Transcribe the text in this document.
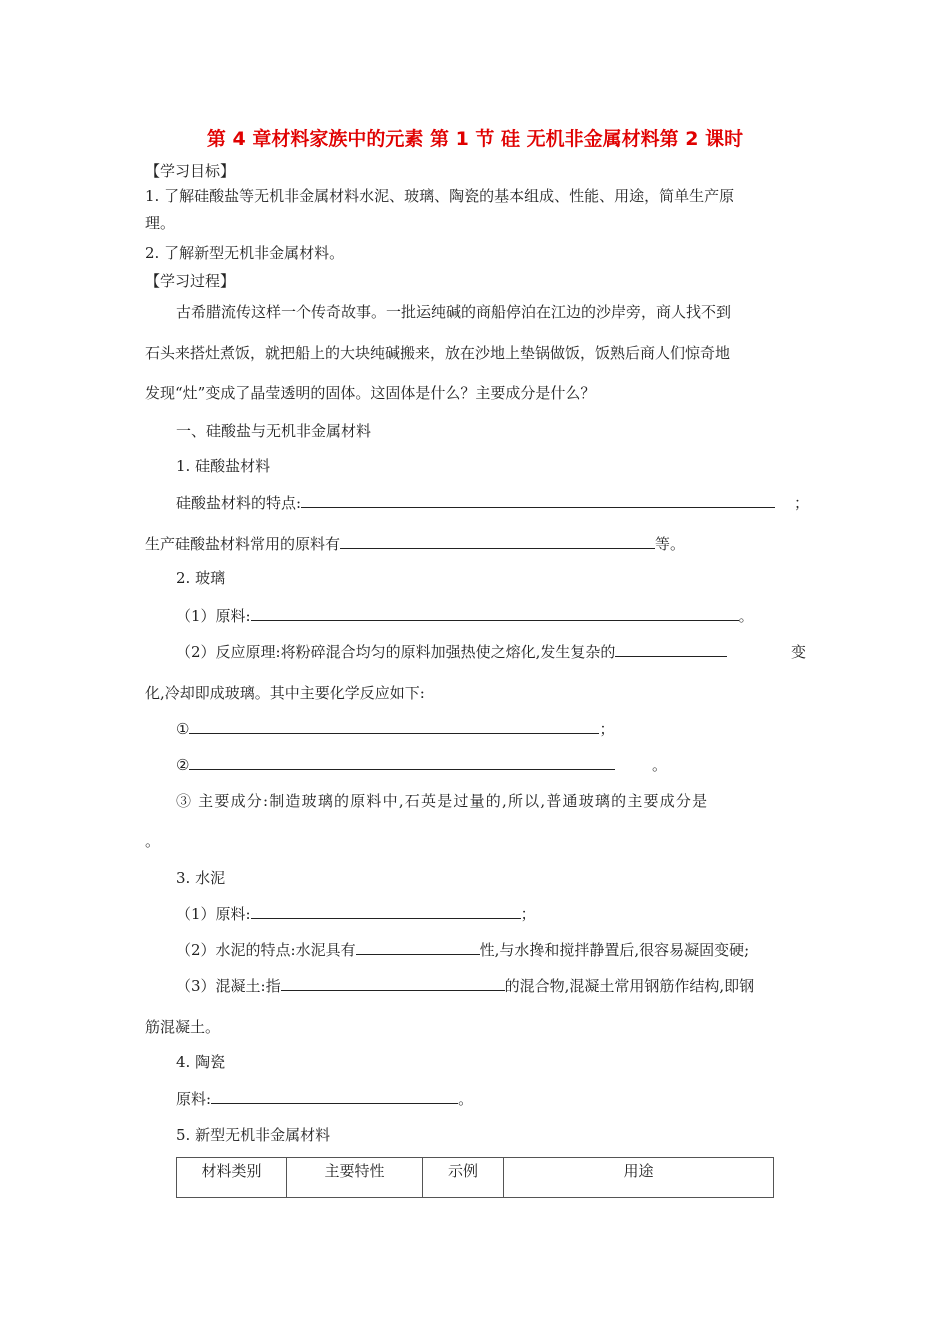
第 4 章材料家族中的元素 第 1 节 硅 无机非金属材料第 2 课时
【学习目标】
1. 了解硅酸盐等无机非金属材料水泥、玻璃、陶瓷的基本组成、性能、用途，简单生产原
理。
2. 了解新型无机非金属材料。
【学习过程】
古希腊流传这样一个传奇故事。一批运纯碱的商船停泊在江边的沙岸旁，商人找不到
石头来搭灶煮饭，就把船上的大块纯碱搬来，放在沙地上垫锅做饭，饭熟后商人们惊奇地
发现“灶”变成了晶莹透明的固体。这固体是什么？主要成分是什么？
一、硅酸盐与无机非金属材料
1. 硅酸盐材料
硅酸盐材料的特点:	；
生产硅酸盐材料常用的原料有	等。
2. 玻璃
（1）原料:	。
（2）反应原理:将粉碎混合均匀的原料加强热使之熔化,发生复杂的	变
化,冷却即成玻璃。其中主要化学反应如下:
①	；
②	。
③ 主要成分:制造玻璃的原料中,石英是过量的,所以,普通玻璃的主要成分是
。
3. 水泥
（1）原料:	；
（2）水泥的特点:水泥具有	性,与水搀和搅拌静置后,很容易凝固变硬;
（3）混凝土:指	的混合物,混凝土常用钢筋作结构,即钢
筋混凝土。
4. 陶瓷
原料:	。
5. 新型无机非金属材料
材料类别	主要特性	示例	用途
